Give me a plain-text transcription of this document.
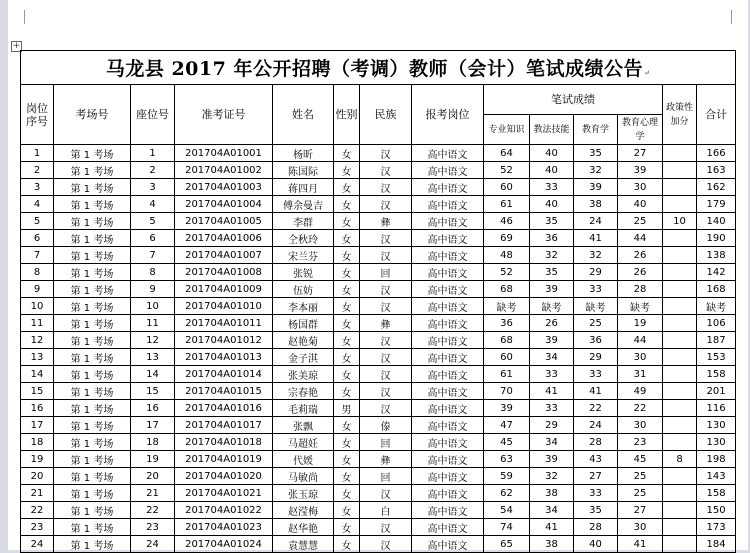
+
马龙县 2017 年公开招聘（考调）教师（会计）笔试成绩公告↵													
岗位序号	考场号	座位号	准考证号	姓名	性别	民族	报考岗位	笔试成绩				政策性加分	合计
								专业知识	教法技能	教育学	教育心理学		
1	第 1 考场	1	201704A01001	杨昕	女	汉	高中语文	64	40	35	27		166
2	第 1 考场	2	201704A01002	陈国际	女	汉	高中语文	52	40	32	39		163
3	第 1 考场	3	201704A01003	蒋四月	女	汉	高中语文	60	33	39	30		162
4	第 1 考场	4	201704A01004	傅余曼吉	女	汉	高中语文	61	40	38	40		179
5	第 1 考场	5	201704A01005	李群	女	彝	高中语文	46	35	24	25	10	140
6	第 1 考场	6	201704A01006	仝秋玲	女	汉	高中语文	69	36	41	44		190
7	第 1 考场	7	201704A01007	宋兰芬	女	汉	高中语文	48	32	32	26		138
8	第 1 考场	8	201704A01008	张锐	女	回	高中语文	52	35	29	26		142
9	第 1 考场	9	201704A01009	伍妨	女	汉	高中语文	68	39	33	28		168
10	第 1 考场	10	201704A01010	李本丽	女	汉	高中语文	缺考	缺考	缺考	缺考		缺考
11	第 1 考场	11	201704A01011	杨国群	女	彝	高中语文	36	26	25	19		106
12	第 1 考场	12	201704A01012	赵艳菊	女	汉	高中语文	68	39	36	44		187
13	第 1 考场	13	201704A01013	金子淇	女	汉	高中语文	60	34	29	30		153
14	第 1 考场	14	201704A01014	张美琼	女	汉	高中语文	61	33	33	31		158
15	第 1 考场	15	201704A01015	宗春艳	女	汉	高中语文	70	41	41	49		201
16	第 1 考场	16	201704A01016	毛莉瑞	男	汉	高中语文	39	33	22	22		116
17	第 1 考场	17	201704A01017	张飘	女	傣	高中语文	47	29	24	30		130
18	第 1 考场	18	201704A01018	马超妊	女	回	高中语文	45	34	28	23		130
19	第 1 考场	19	201704A01019	代媛	女	彝	高中语文	63	39	43	45	8	198
20	第 1 考场	20	201704A01020	马敏尚	女	回	高中语文	59	32	27	25		143
21	第 1 考场	21	201704A01021	张玉琼	女	汉	高中语文	62	38	33	25		158
22	第 1 考场	22	201704A01022	赵滢梅	女	白	高中语文	54	34	35	27		150
23	第 1 考场	23	201704A01023	赵华艳	女	汉	高中语文	74	41	28	30		173
24	第 1 考场	24	201704A01024	袁慧慧	女	汉	高中语文	65	38	40	41		184
